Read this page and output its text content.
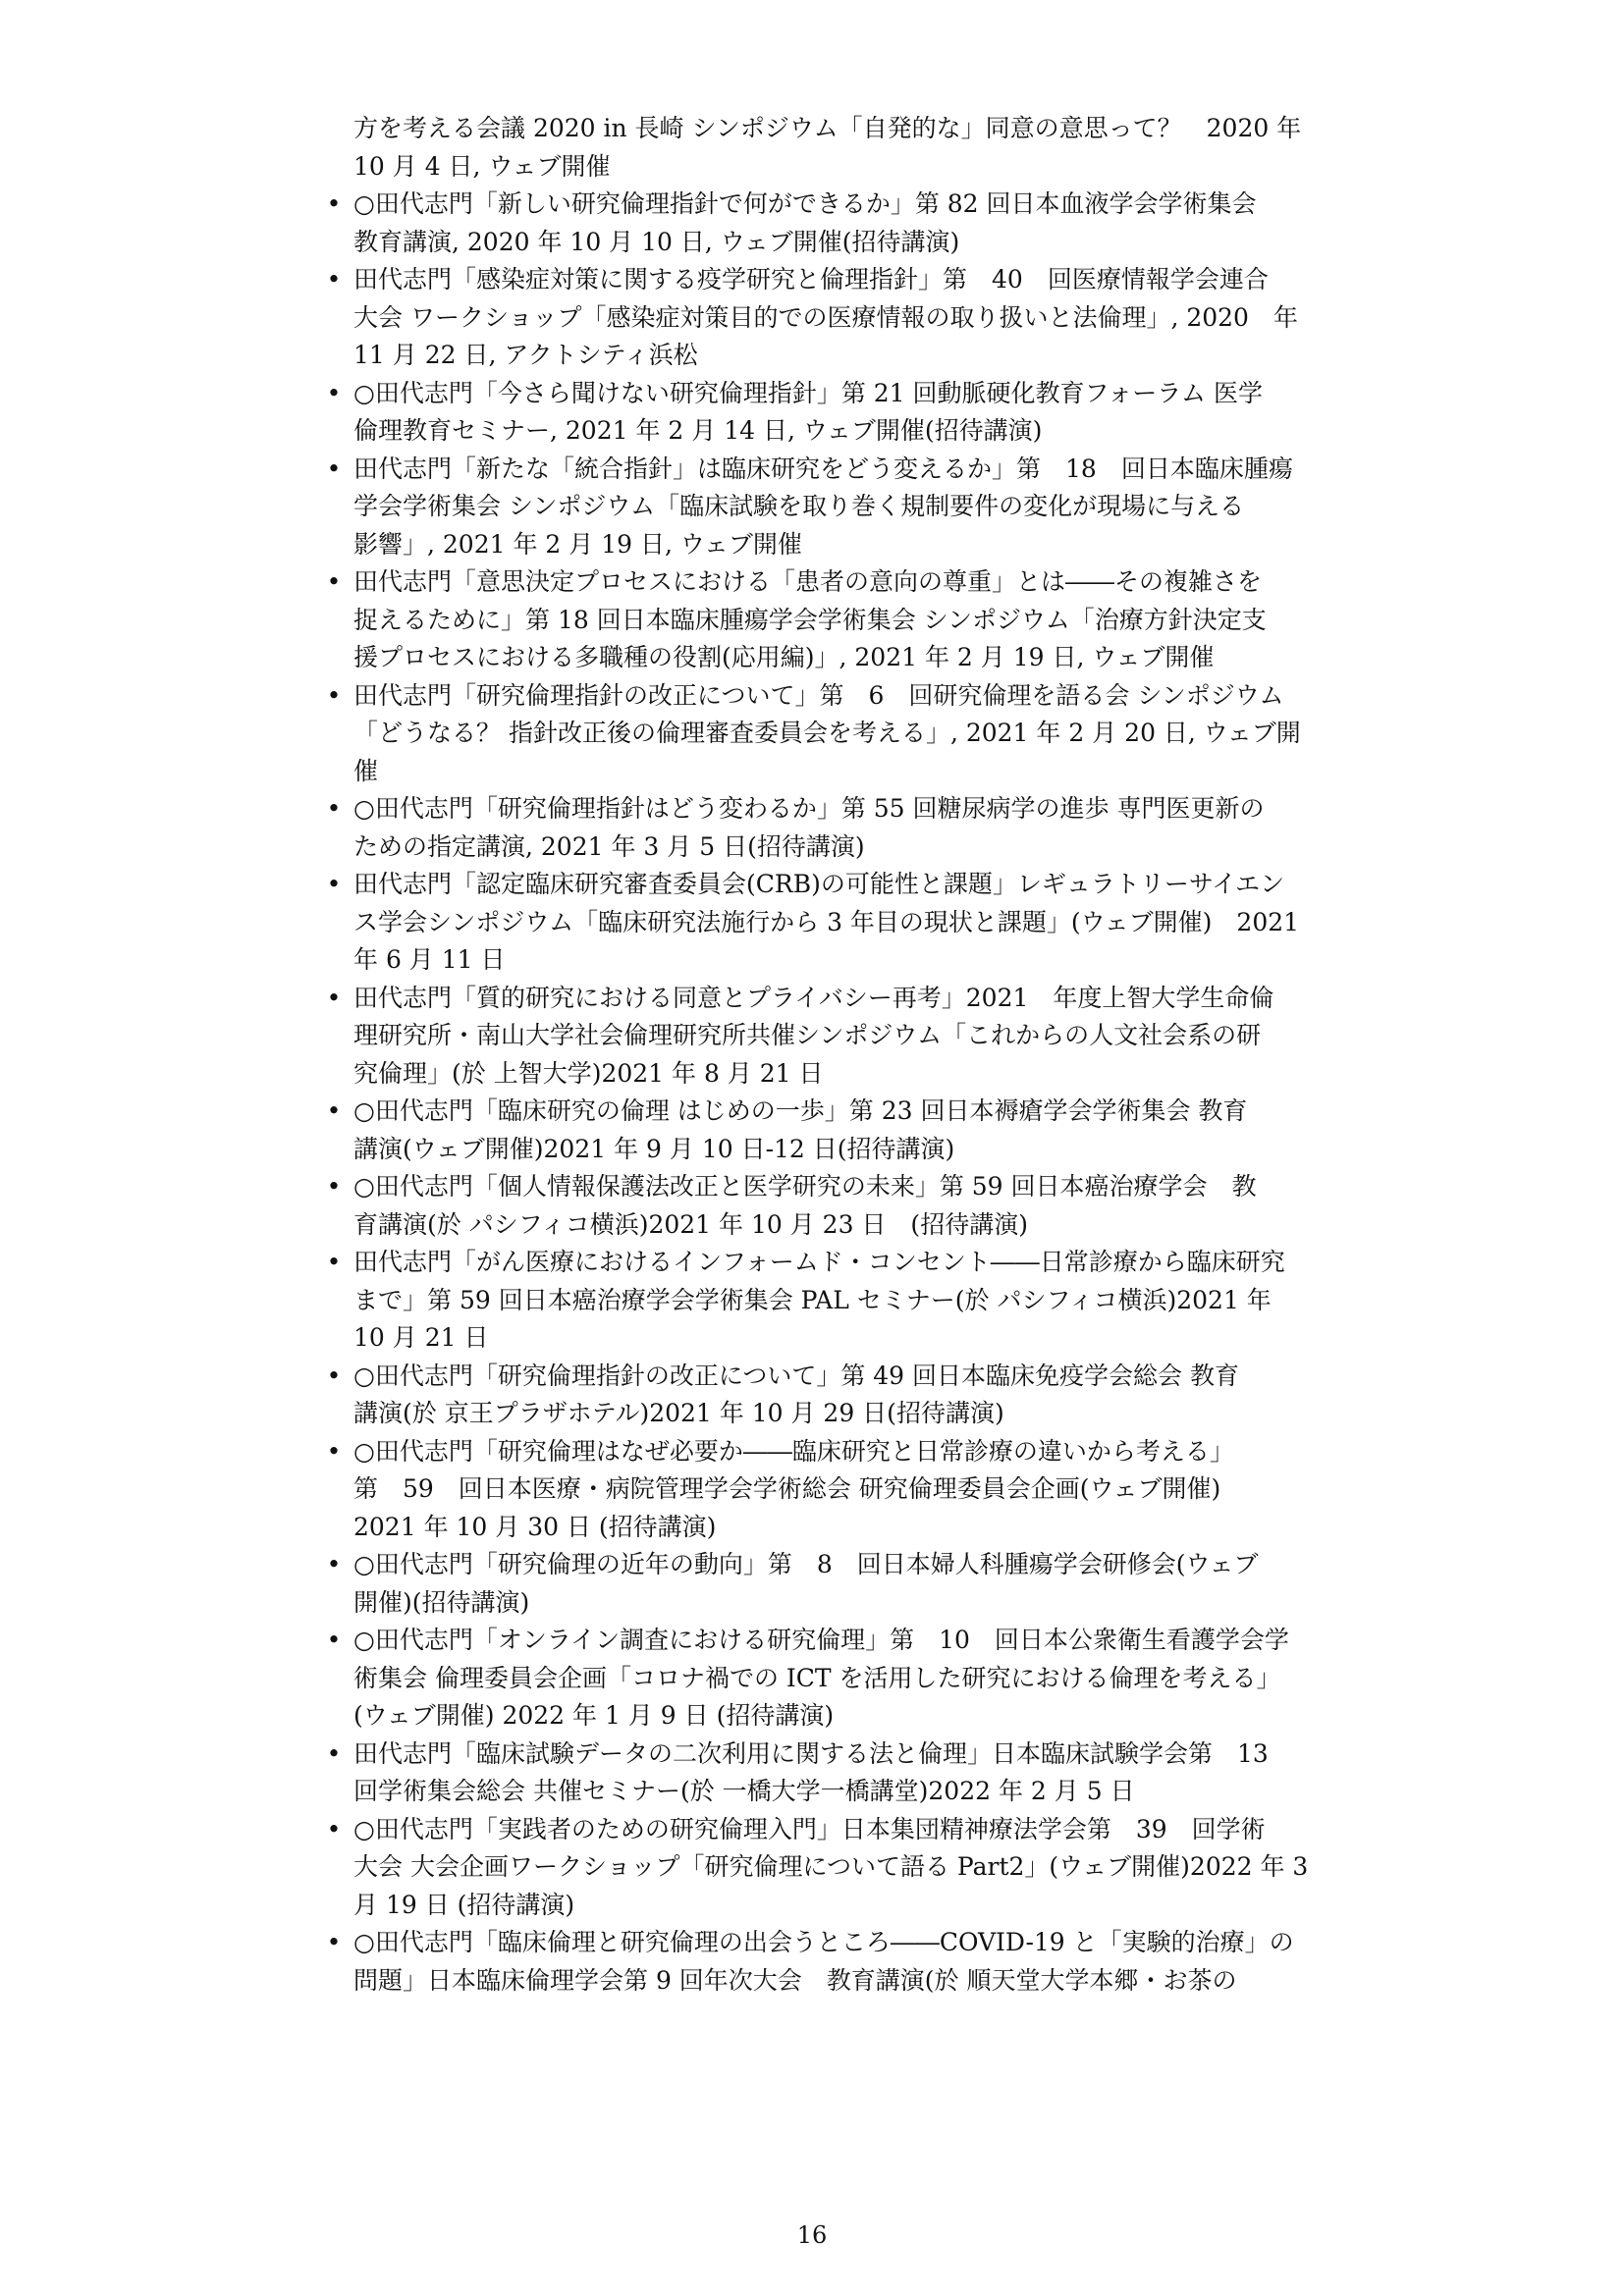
方を考える会議 2020 in 長崎 シンポジウム「自発的な」同意の意思って？　2020 年
10 月 4 日, ウェブ開催
• ○田代志門「新しい研究倫理指針で何ができるか」第 82 回日本血液学会学術集会
教育講演, 2020 年 10 月 10 日, ウェブ開催(招待講演)
• 田代志門「感染症対策に関する疫学研究と倫理指針」第　40　回医療情報学会連合
大会 ワークショップ「感染症対策目的での医療情報の取り扱いと法倫理」, 2020　年
11 月 22 日, アクトシティ浜松
• ○田代志門「今さら聞けない研究倫理指針」第 21 回動脈硬化教育フォーラム 医学
倫理教育セミナー, 2021 年 2 月 14 日, ウェブ開催(招待講演)
• 田代志門「新たな「統合指針」は臨床研究をどう変えるか」第　18　回日本臨床腫瘍
学会学術集会 シンポジウム「臨床試験を取り巻く規制要件の変化が現場に与える
影響」, 2021 年 2 月 19 日, ウェブ開催
• 田代志門「意思決定プロセスにおける「患者の意向の尊重」とは――その複雑さを
捉えるために」第 18 回日本臨床腫瘍学会学術集会 シンポジウム「治療方針決定支
援プロセスにおける多職種の役割(応用編)」, 2021 年 2 月 19 日, ウェブ開催
• 田代志門「研究倫理指針の改正について」第　6　回研究倫理を語る会 シンポジウム
「どうなる？ 指針改正後の倫理審査委員会を考える」, 2021 年 2 月 20 日, ウェブ開
催
• ○田代志門「研究倫理指針はどう変わるか」第 55 回糖尿病学の進歩 専門医更新の
ための指定講演, 2021 年 3 月 5 日(招待講演)
• 田代志門「認定臨床研究審査委員会(CRB)の可能性と課題」レギュラトリーサイエン
ス学会シンポジウム「臨床研究法施行から 3 年目の現状と課題」(ウェブ開催)　2021
年 6 月 11 日
• 田代志門「質的研究における同意とプライバシー再考」2021　年度上智大学生命倫
理研究所・南山大学社会倫理研究所共催シンポジウム「これからの人文社会系の研
究倫理」(於 上智大学)2021 年 8 月 21 日
• ○田代志門「臨床研究の倫理 はじめの一歩」第 23 回日本褥瘡学会学術集会 教育
講演(ウェブ開催)2021 年 9 月 10 日-12 日(招待講演)
• ○田代志門「個人情報保護法改正と医学研究の未来」第 59 回日本癌治療学会　教
育講演(於 パシフィコ横浜)2021 年 10 月 23 日　(招待講演)
• 田代志門「がん医療におけるインフォームド・コンセント――日常診療から臨床研究
まで」第 59 回日本癌治療学会学術集会 PAL セミナー(於 パシフィコ横浜)2021 年
10 月 21 日
• ○田代志門「研究倫理指針の改正について」第 49 回日本臨床免疫学会総会 教育
講演(於 京王プラザホテル)2021 年 10 月 29 日(招待講演)
• ○田代志門「研究倫理はなぜ必要か――臨床研究と日常診療の違いから考える」
第　59　回日本医療・病院管理学会学術総会 研究倫理委員会企画(ウェブ開催)
2021 年 10 月 30 日 (招待講演)
• ○田代志門「研究倫理の近年の動向」第　8　回日本婦人科腫瘍学会研修会(ウェブ
開催)(招待講演)
• ○田代志門「オンライン調査における研究倫理」第　10　回日本公衆衛生看護学会学
術集会 倫理委員会企画「コロナ禍での ICT を活用した研究における倫理を考える」
(ウェブ開催) 2022 年 1 月 9 日 (招待講演)
• 田代志門「臨床試験データの二次利用に関する法と倫理」日本臨床試験学会第　13
回学術集会総会 共催セミナー(於 一橋大学一橋講堂)2022 年 2 月 5 日
• ○田代志門「実践者のための研究倫理入門」日本集団精神療法学会第　39　回学術
大会 大会企画ワークショップ「研究倫理について語る Part2」(ウェブ開催)2022 年 3
月 19 日 (招待講演)
• ○田代志門「臨床倫理と研究倫理の出会うところ――COVID-19 と「実験的治療」の
問題」日本臨床倫理学会第 9 回年次大会　教育講演(於 順天堂大学本郷・お茶の
16
